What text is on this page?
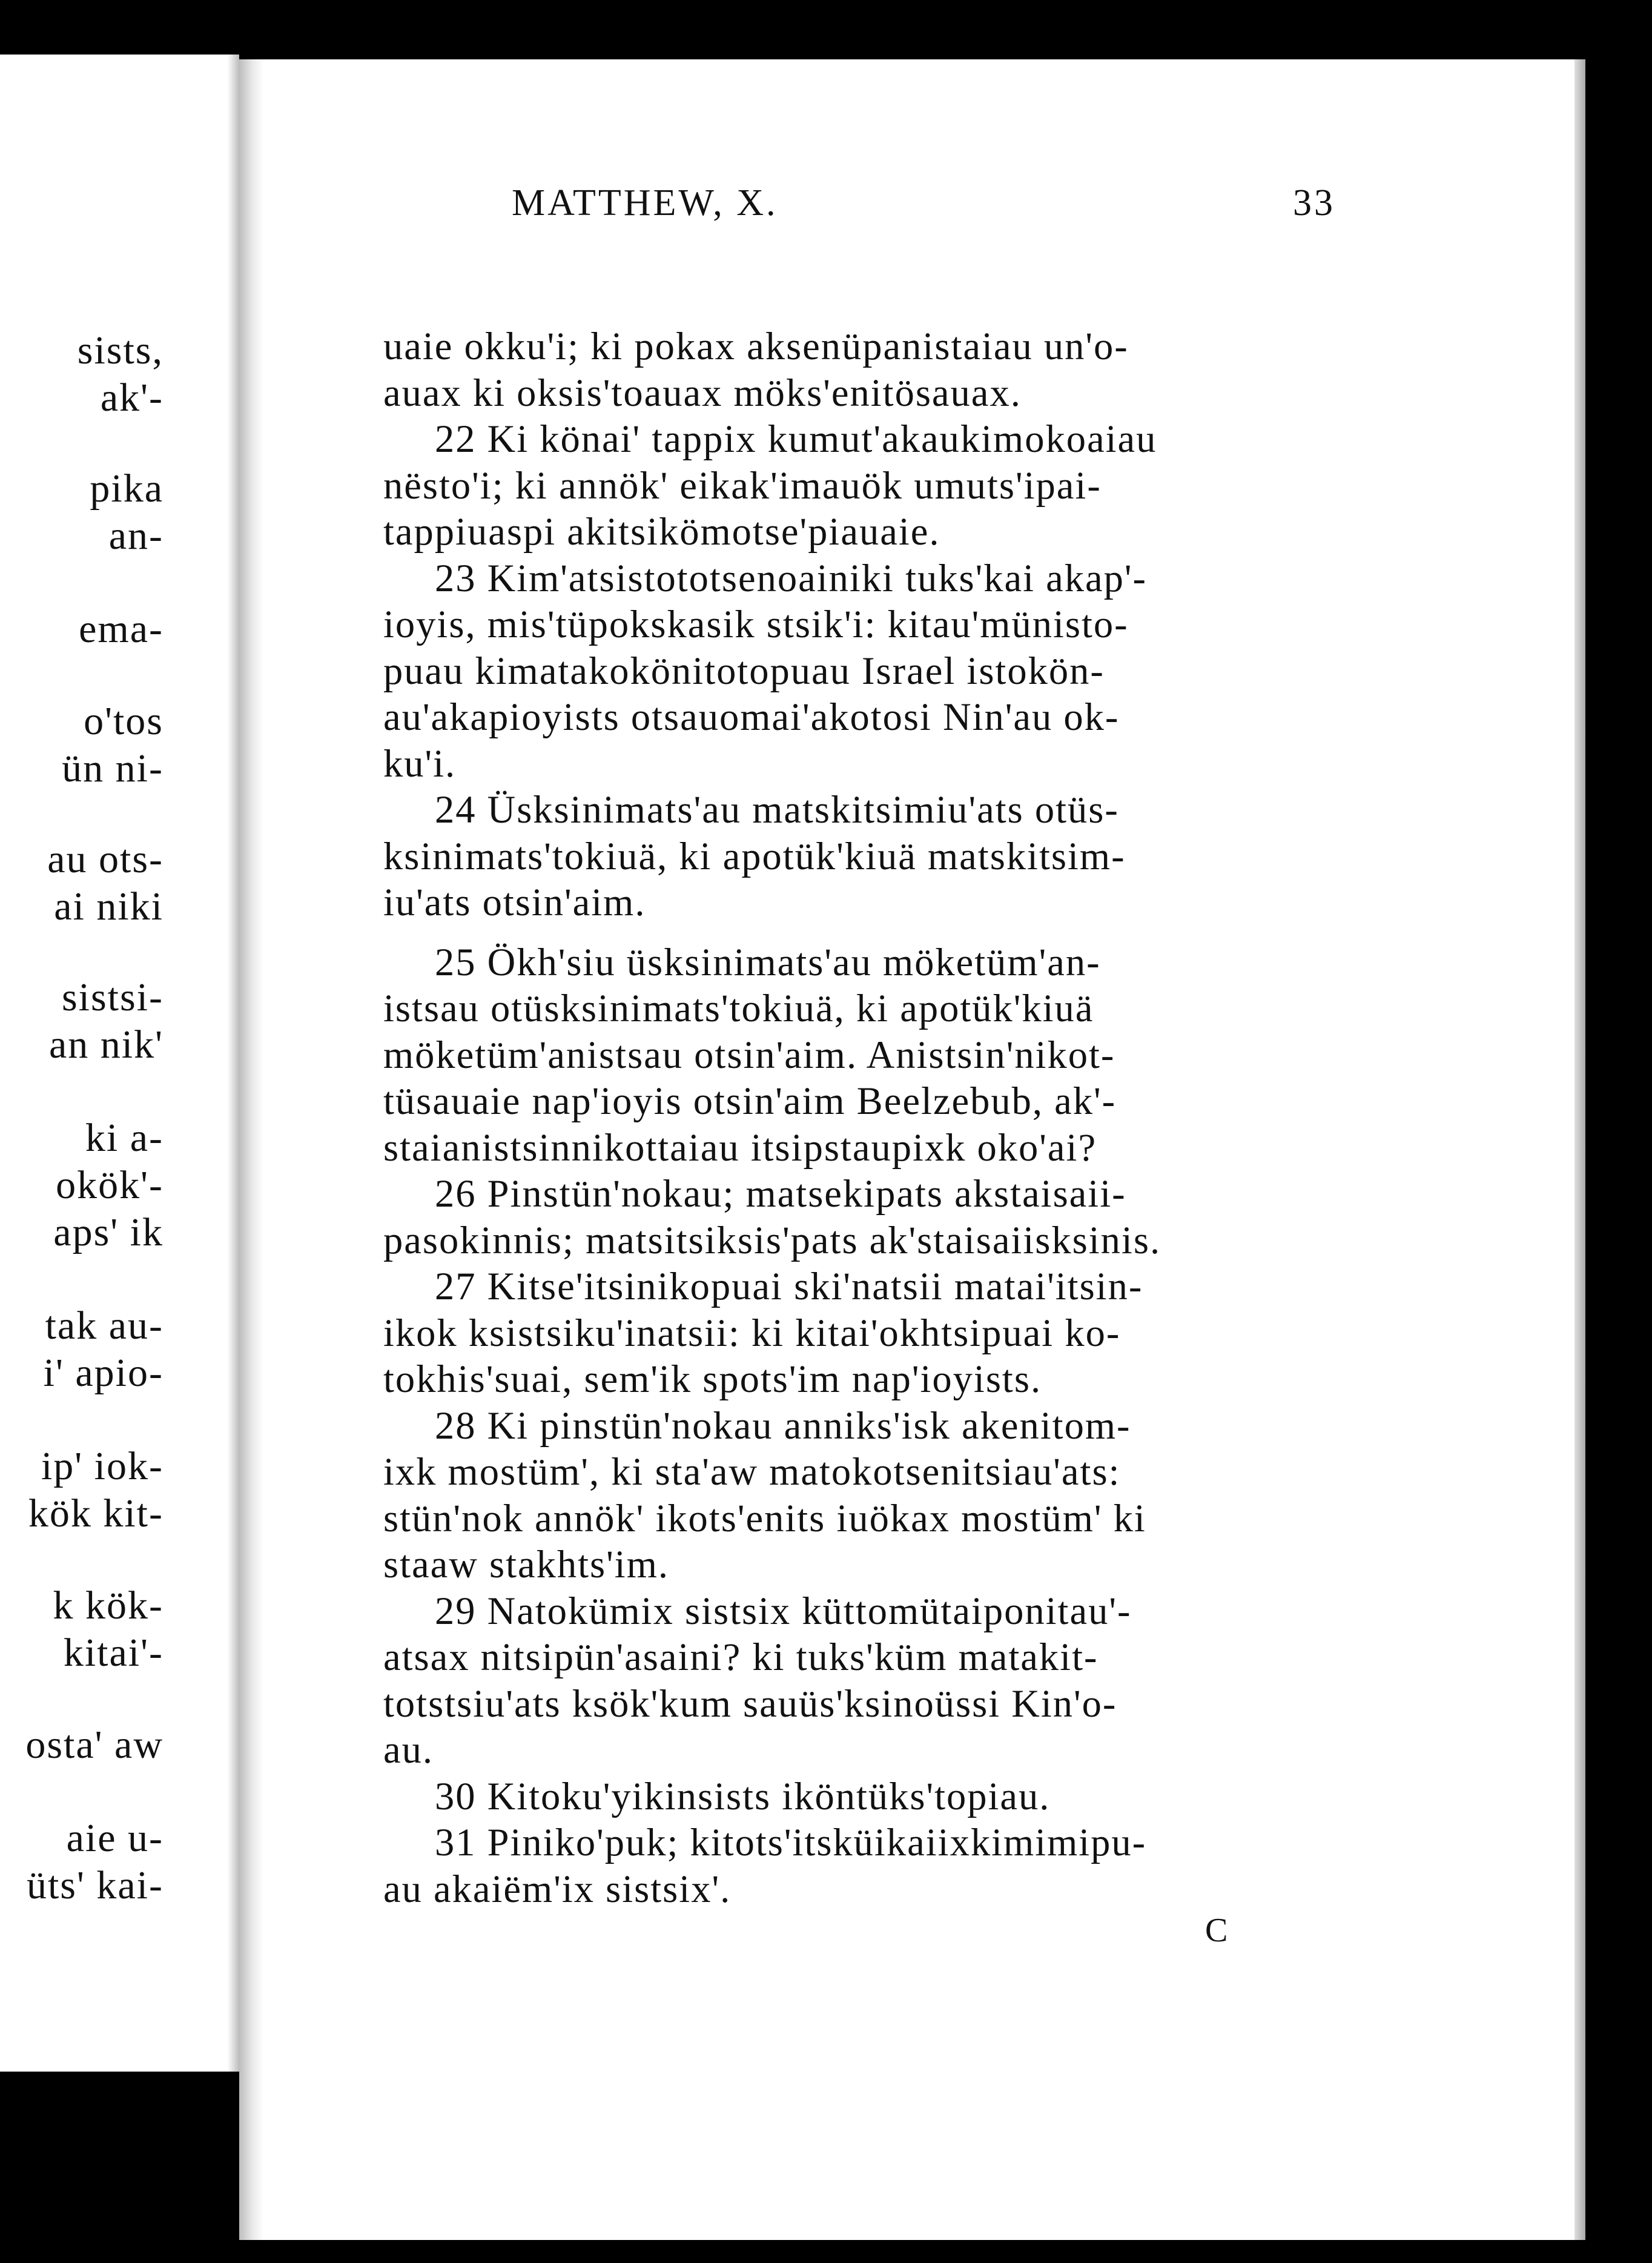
sists,
ak'-
pika
an-
ema-
o'tos
ün ni-
au ots-
ai niki
sistsi-
an nik'
ki a-
okök'-
aps' ik
tak au-
i' apio-
ip' iok-
kök kit-
k kök-
kitai'-
osta' aw
aie u-
üts' kai-
MATTHEW, X.	33

uaie okku'i; ki pokax aksenüpanistaiau un'o-
auax ki oksis'toauax möks'enitösauax.

22 Ki könai' tappix kumut'akaukimokoaiau
nësto'i; ki annök' eikak'imauök umuts'ipai-
tappiuaspi akitsikömotse'piauaie.

23 Kim'atsistototsenoainiki tuks'kai akap'-
ioyis, mis'tüpokskasik stsik'i: kitau'münisto-
puau kimatakokönitotopuau Israel istokön-
au'akapioyists otsauomai'akotosi Nin'au ok-
ku'i.

24 Üsksinimats'au matskitsimiu'ats otüs-
ksinimats'tokiuä, ki apotük'kiuä matskitsim-
iu'ats otsin'aim.

25 Ökh'siu üsksinimats'au möketüm'an-
istsau otüsksinimats'tokiuä, ki apotük'kiuä
möketüm'anistsau otsin'aim. Anistsin'nikot-
tüsauaie nap'ioyis otsin'aim Beelzebub, ak'-
staianistsinnikottaiau itsipstaupixk oko'ai?

26 Pinstün'nokau; matsekipats akstaisaii-
pasokinnis; matsitsiksis'pats ak'staisaiisksinis.

27 Kitse'itsinikopuai ski'natsii matai'itsin-
ikok ksistsiku'inatsii: ki kitai'okhtsipuai ko-
tokhis'suai, sem'ik spots'im nap'ioyists.

28 Ki pinstün'nokau anniks'isk akenitom-
ixk mostüm', ki sta'aw matokotsenitsiau'ats:
stün'nok annök' ikots'enits iuökax mostüm' ki
staaw stakhts'im.

29 Natokümix sistsix küttomütaiponitau'-
atsax nitsipün'asaini? ki tuks'küm matakit-
totstsiu'ats ksök'kum sauüs'ksinoüssi Kin'o-
au.

30 Kitoku'yikinsists iköntüks'topiau.

31 Piniko'puk; kitots'itsküikaiixkimimipu-
au akaiëm'ix sistsix'.

C
